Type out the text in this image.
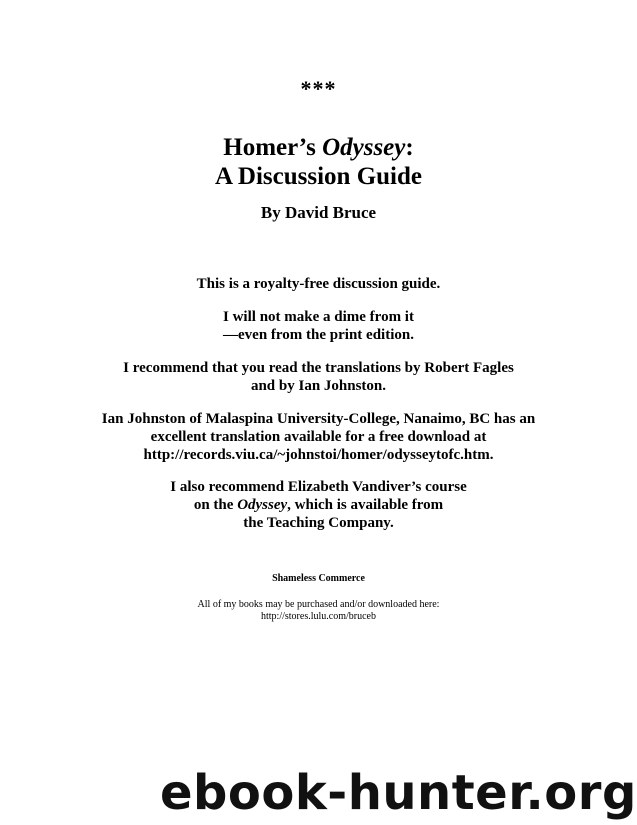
***
Homer’s Odyssey:
A Discussion Guide
By David Bruce
This is a royalty-free discussion guide.
I will not make a dime from it
—even from the print edition.
I recommend that you read the translations by Robert Fagles
and by Ian Johnston.
Ian Johnston of Malaspina University-College, Nanaimo, BC has an
excellent translation available for a free download at
http://records.viu.ca/~johnstoi/homer/odysseytofc.htm.
I also recommend Elizabeth Vandiver’s course
on the Odyssey, which is available from
the Teaching Company.
Shameless Commerce
All of my books may be purchased and/or downloaded here:
http://stores.lulu.com/bruceb
ebook-hunter.org
